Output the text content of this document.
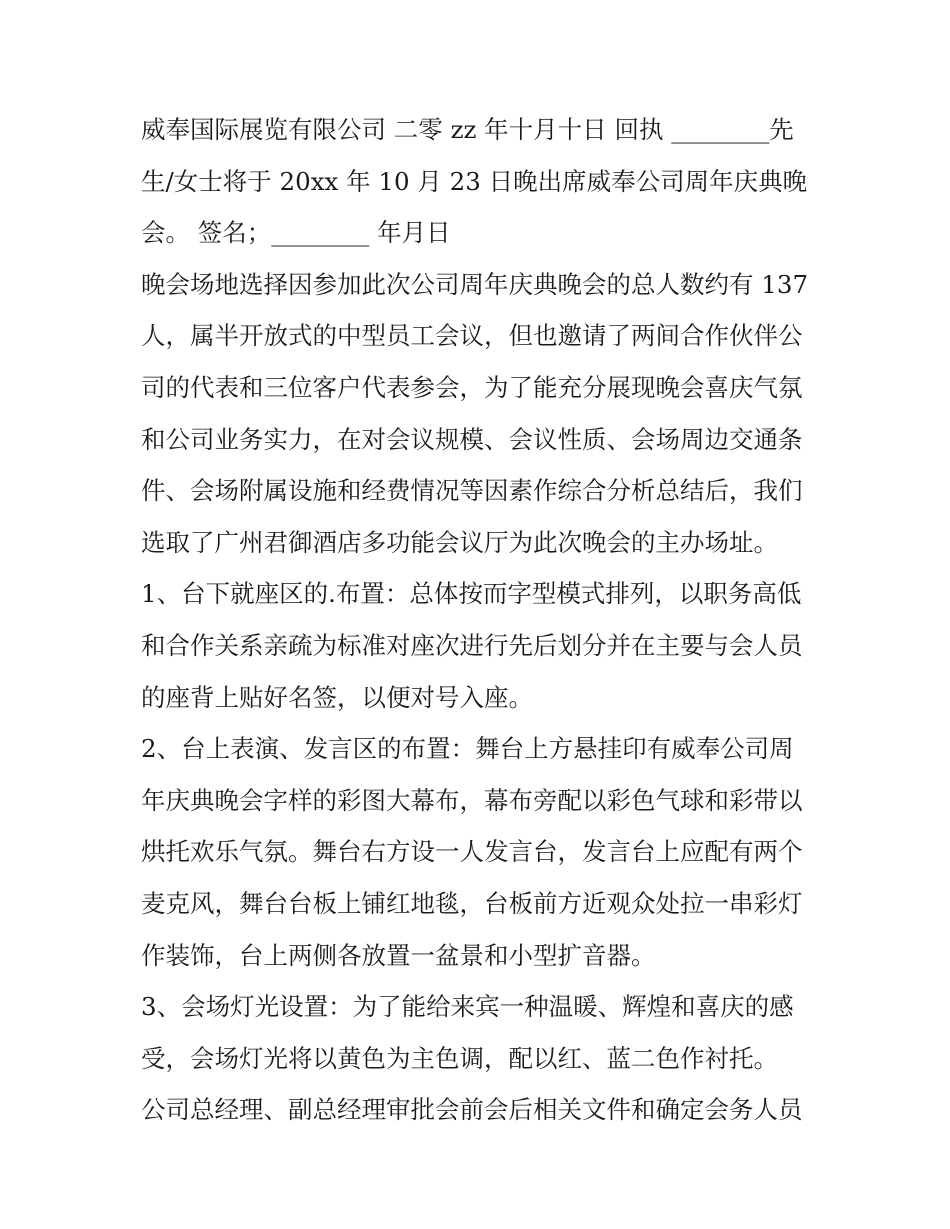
威奉国际展览有限公司 二零 zz 年十月十日 回执 ________先
生/女士将于 20xx 年 10 月 23 日晚出席威奉公司周年庆典晚
会。 签名；________ 年月日
晚会场地选择因参加此次公司周年庆典晚会的总人数约有 137
人，属半开放式的中型员工会议，但也邀请了两间合作伙伴公
司的代表和三位客户代表参会，为了能充分展现晚会喜庆气氛
和公司业务实力，在对会议规模、会议性质、会场周边交通条
件、会场附属设施和经费情况等因素作综合分析总结后，我们
选取了广州君御酒店多功能会议厅为此次晚会的主办场址。
1、台下就座区的.布置：总体按而字型模式排列，以职务高低
和合作关系亲疏为标准对座次进行先后划分并在主要与会人员
的座背上贴好名签，以便对号入座。
2、台上表演、发言区的布置：舞台上方悬挂印有威奉公司周
年庆典晚会字样的彩图大幕布，幕布旁配以彩色气球和彩带以
烘托欢乐气氛。舞台右方设一人发言台，发言台上应配有两个
麦克风，舞台台板上铺红地毯，台板前方近观众处拉一串彩灯
作装饰，台上两侧各放置一盆景和小型扩音器。
3、会场灯光设置：为了能给来宾一种温暖、辉煌和喜庆的感
受，会场灯光将以黄色为主色调，配以红、蓝二色作衬托。
公司总经理、副总经理审批会前会后相关文件和确定会务人员
